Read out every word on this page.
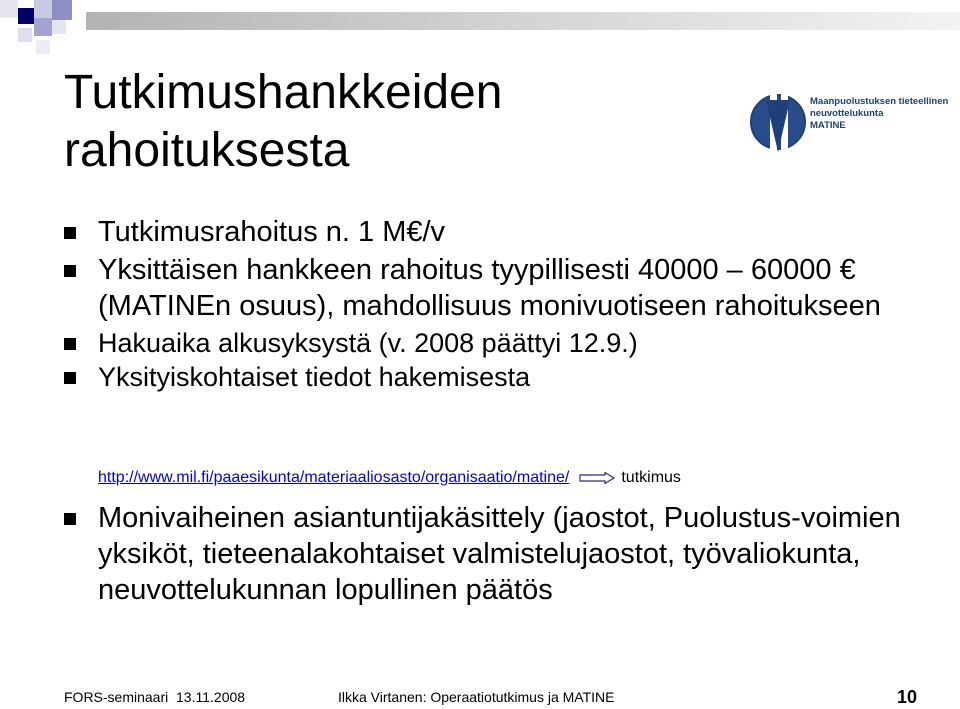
Tutkimushankkeiden
rahoituksesta
Maanpuolustuksen tieteellinen
neuvottelukunta
MATINE
Tutkimusrahoitus n. 1 M€/v
Yksittäisen hankkeen rahoitus tyypillisesti 40000 – 60000 € (MATINEn osuus), mahdollisuus monivuotiseen rahoitukseen
Hakuaika alkusyksystä (v. 2008 päättyi 12.9.)
Yksityiskohtaiset tiedot hakemisesta
http://www.mil.fi/paaesikunta/materiaaliosasto/organisaatio/matine/	tutkimus
Monivaiheinen asiantuntijakäsittely (jaostot, Puolustus-voimien yksiköt, tieteenalakohtaiset valmistelujaostot, työvaliokunta, neuvottelukunnan lopullinen päätös
FORS-seminaari  13.11.2008	Ilkka Virtanen: Operaatiotutkimus ja MATINE	10
